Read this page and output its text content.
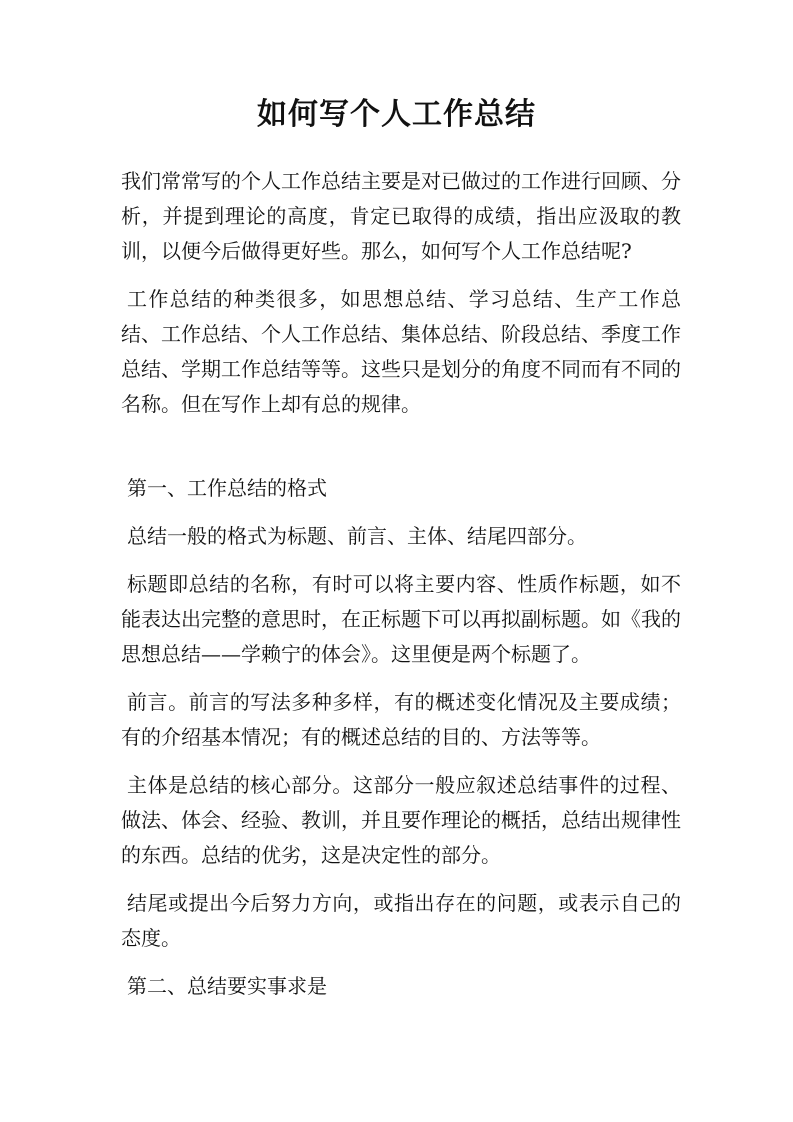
如何写个人工作总结

我们常常写的个人工作总结主要是对已做过的工作进行回顾、分析，并提到理论的高度，肯定已取得的成绩，指出应汲取的教训，以便今后做得更好些。那么，如何写个人工作总结呢?

工作总结的种类很多，如思想总结、学习总结、生产工作总结、工作总结、个人工作总结、集体总结、阶段总结、季度工作总结、学期工作总结等等。这些只是划分的角度不同而有不同的名称。但在写作上却有总的规律。

第一、工作总结的格式

总结一般的格式为标题、前言、主体、结尾四部分。

标题即总结的名称，有时可以将主要内容、性质作标题，如不能表达出完整的意思时，在正标题下可以再拟副标题。如《我的思想总结——学赖宁的体会》。这里便是两个标题了。

前言。前言的写法多种多样，有的概述变化情况及主要成绩；有的介绍基本情况；有的概述总结的目的、方法等等。

主体是总结的核心部分。这部分一般应叙述总结事件的过程、做法、体会、经验、教训，并且要作理论的概括，总结出规律性的东西。总结的优劣，这是决定性的部分。

结尾或提出今后努力方向，或指出存在的问题，或表示自己的态度。

第二、总结要实事求是
